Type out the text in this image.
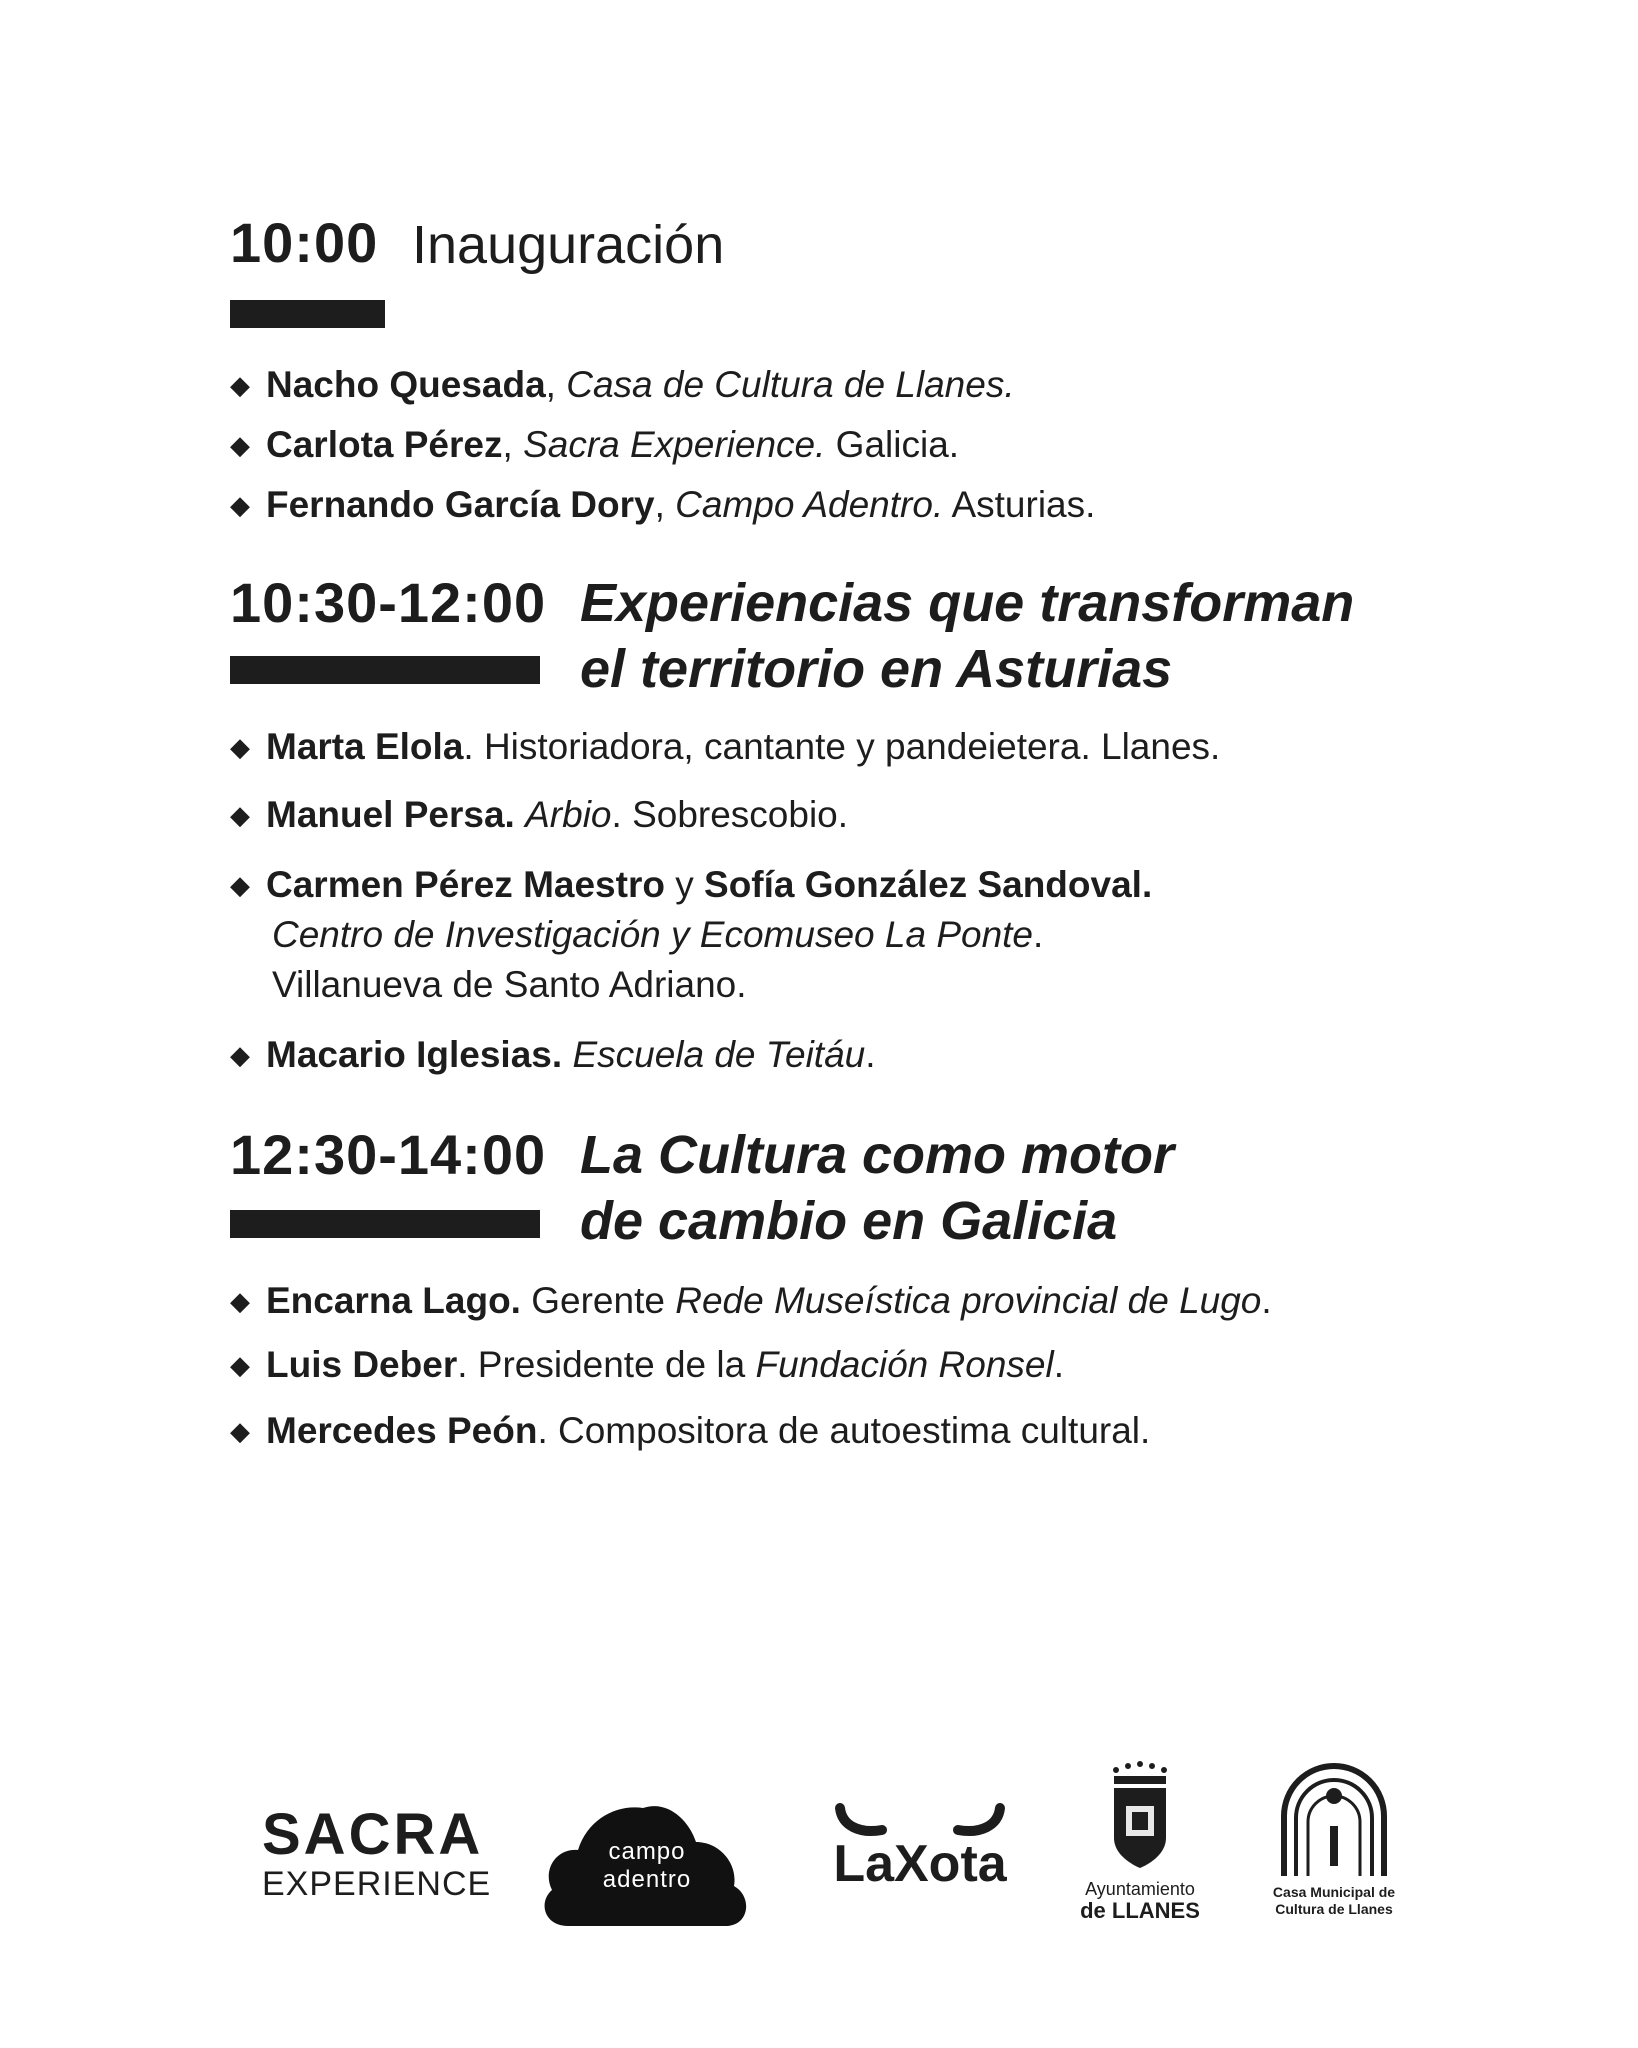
10:00 Inauguración
◆ Nacho Quesada, Casa de Cultura de Llanes.
◆ Carlota Pérez, Sacra Experience. Galicia.
◆ Fernando García Dory, Campo Adentro. Asturias.
10:30-12:00 Experiencias que transforman
el territorio en Asturias
◆ Marta Elola. Historiadora, cantante y pandeietera. Llanes.
◆ Manuel Persa. Arbio. Sobrescobio.
◆ Carmen Pérez Maestro y Sofía González Sandoval.
Centro de Investigación y Ecomuseo La Ponte.
Villanueva de Santo Adriano.
◆ Macario Iglesias. Escuela de Teitáu.
12:30-14:00 La Cultura como motor
de cambio en Galicia
◆ Encarna Lago. Gerente Rede Museística provincial de Lugo.
◆ Luis Deber. Presidente de la Fundación Ronsel.
◆ Mercedes Peón. Compositora de autoestima cultural.
SACRA
EXPERIENCE
campo
adentro	LaXota	Ayuntamiento
de LLANES
Casa Municipal de
Cultura de Llanes
